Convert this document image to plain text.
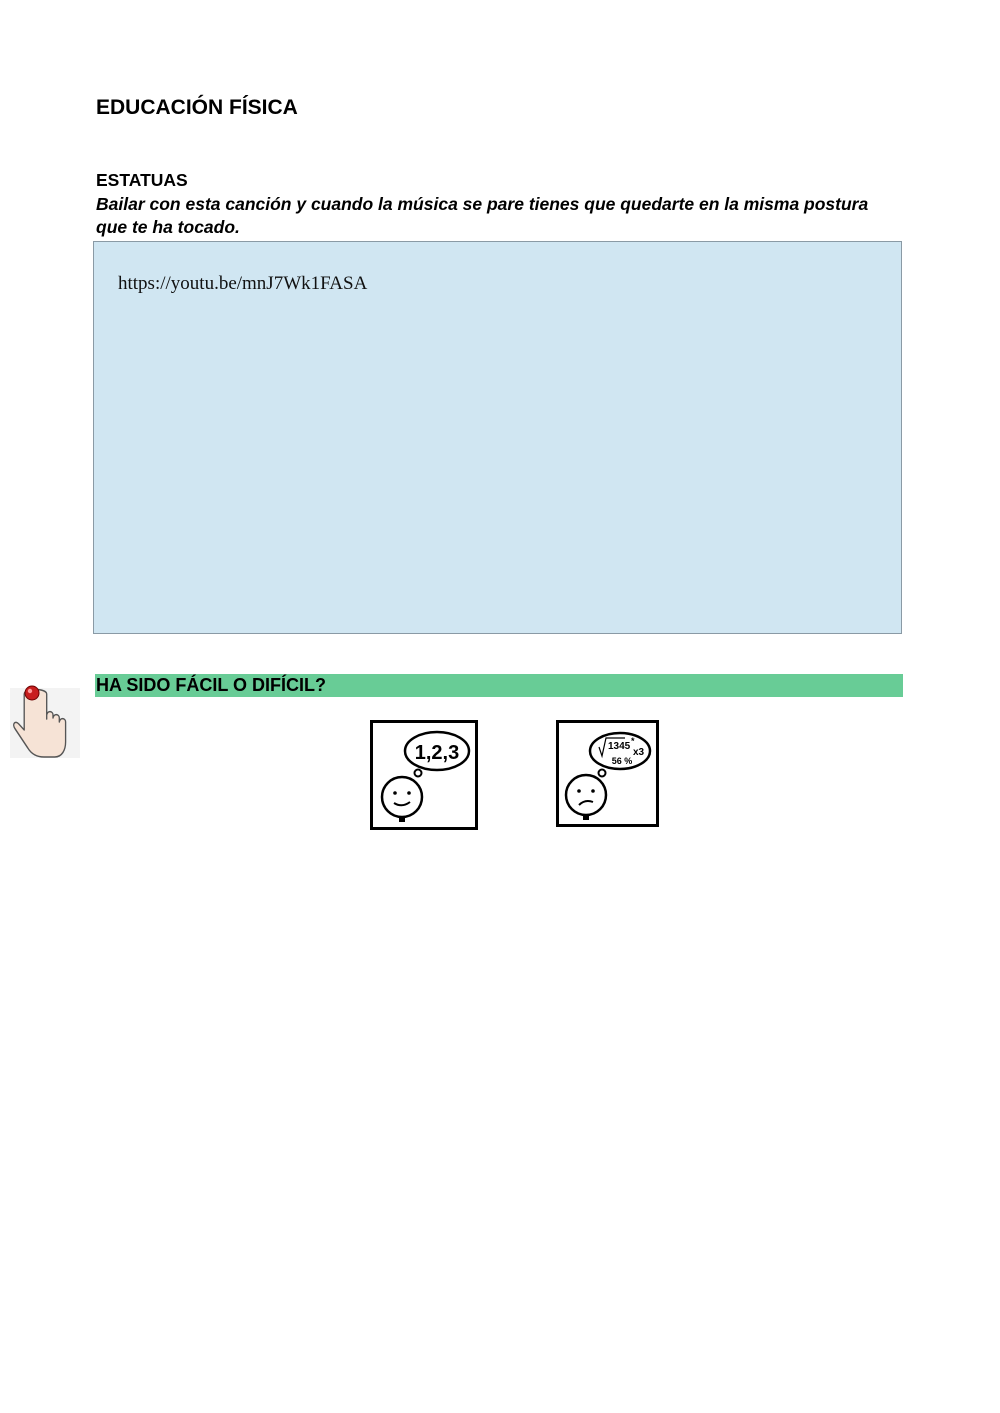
EDUCACIÓN FÍSICA
ESTATUAS
Bailar con esta canción y cuando la música se pare tienes que quedarte en la misma postura que te ha tocado.
https://youtu.be/mnJ7Wk1FASA
HA SIDO FÁCIL O DIFÍCIL?
1,2,3	1345 *
x3
56 %
